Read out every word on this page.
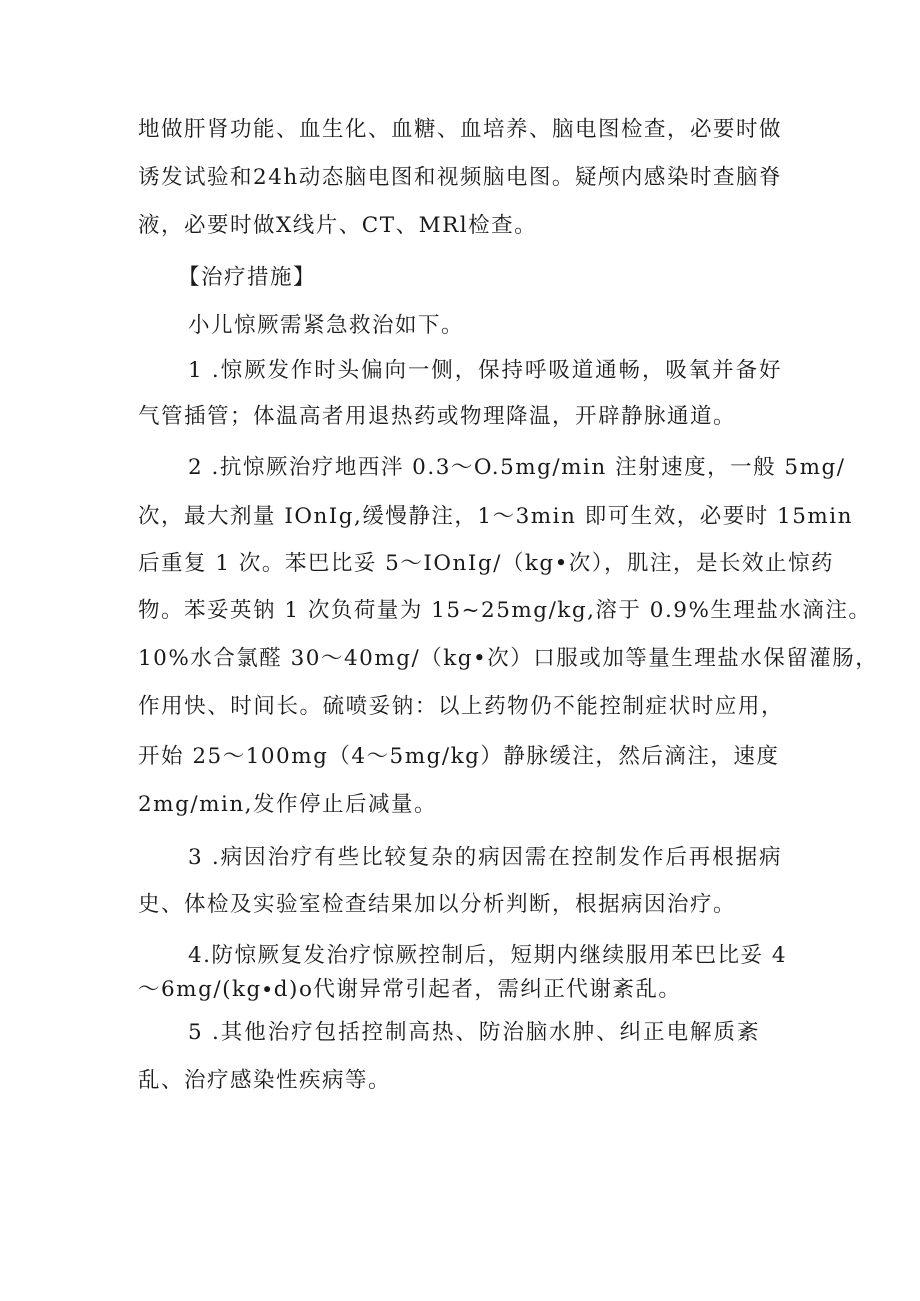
地做肝肾功能、血生化、血糖、血培养、脑电图检查，必要时做
诱发试验和24h动态脑电图和视频脑电图。疑颅内感染时查脑脊
液，必要时做X线片、CT、MRl检查。
【治疗措施】
小儿惊厥需紧急救治如下。
1 .惊厥发作时头偏向一侧，保持呼吸道通畅，吸氧并备好
气管插管；体温高者用退热药或物理降温，开辟静脉通道。
2 .抗惊厥治疗地西泮 0.3～O.5mg∕min 注射速度，一般 5mg∕
次，最大剂量 IOnIg,缓慢静注，1～3min 即可生效，必要时 15min
后重复 1 次。苯巴比妥 5～IOnIg/（kg•次），肌注，是长效止惊药
物。苯妥英钠 1 次负荷量为 15~25mg∕kg,溶于 0.9%生理盐水滴注。
10%水合氯醛 30～40mg∕（kg•次）口服或加等量生理盐水保留灌肠，
作用快、时间长。硫喷妥钠：以上药物仍不能控制症状时应用，
开始 25～100mg（4～5mg∕kg）静脉缓注，然后滴注，速度
2mg∕min,发作停止后减量。
3 .病因治疗有些比较复杂的病因需在控制发作后再根据病
史、体检及实验室检查结果加以分析判断，根据病因治疗。
4.防惊厥复发治疗惊厥控制后，短期内继续服用苯巴比妥 4
～6mg∕(kg∙d)o代谢异常引起者，需纠正代谢紊乱。
5 .其他治疗包括控制高热、防治脑水肿、纠正电解质紊
乱、治疗感染性疾病等。
